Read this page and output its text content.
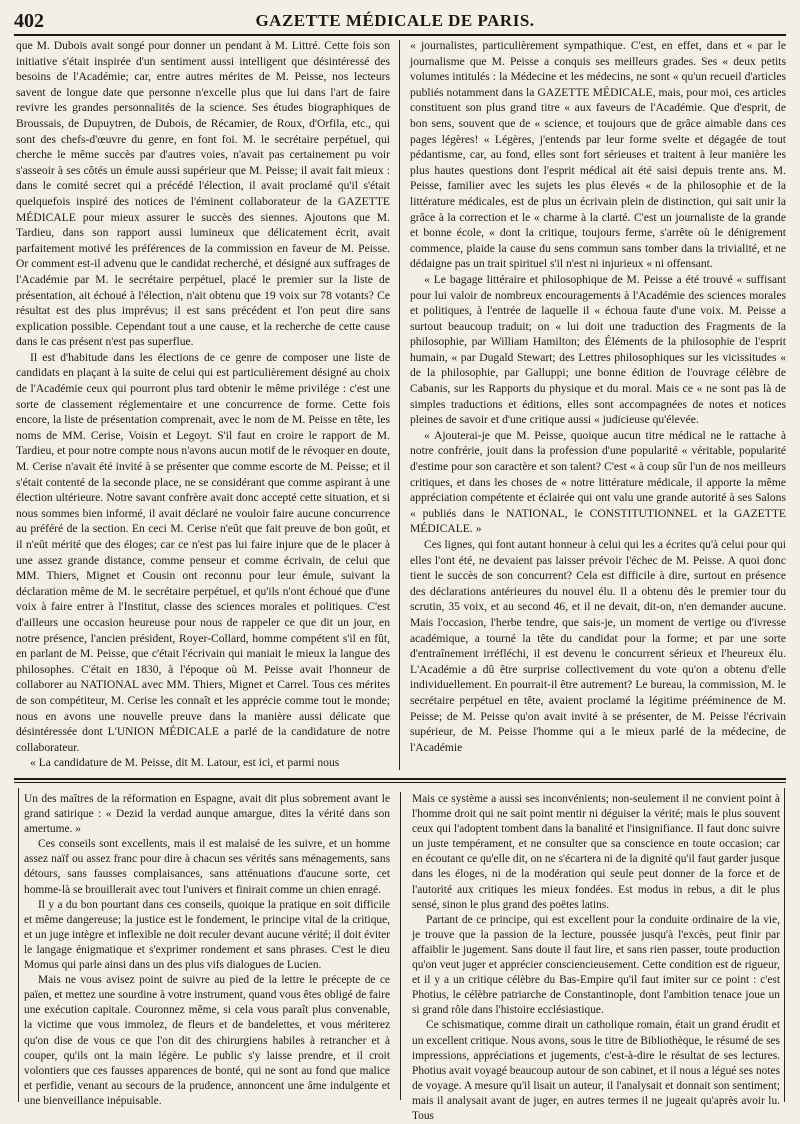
402	GAZETTE MÉDICALE DE PARIS.

que M. Dubois avait songé pour donner un pendant à M. Littré. Cette fois son initiative s'était inspirée d'un sentiment aussi intelligent que désintéressé des besoins de l'Académie; car, entre autres mérites de M. Peisse, nos lecteurs savent de longue date que personne n'excelle plus que lui dans l'art de faire revivre les grandes personnalités de la science. Ses études biographiques de Broussais, de Dupuytren, de Dubois, de Récamier, de Roux, d'Orfila, etc., qui sont des chefs-d'œuvre du genre, en font foi. M. le secrétaire perpétuel, qui cherche le même succès par d'autres voies, n'avait pas certainement pu voir s'asseoir à ses côtés un émule aussi supérieur que M. Peisse; il avait fait mieux : dans le comité secret qui a précédé l'élection, il avait proclamé qu'il s'était quelquefois inspiré des notices de l'éminent collaborateur de la GAZETTE MÉDICALE pour mieux assurer le succès des siennes. Ajoutons que M. Tardieu, dans son rapport aussi lumineux que délicatement écrit, avait parfaitement motivé les préférences de la commission en faveur de M. Peisse. Or comment est-il advenu que le candidat recherché, et désigné aux suffrages de l'Académie par M. le secrétaire perpétuel, placé le premier sur la liste de présentation, ait échoué à l'élection, n'ait obtenu que 19 voix sur 78 votants? Ce résultat est des plus imprévus; il est sans précédent et l'on peut dire sans explication possible. Cependant tout a une cause, et la recherche de cette cause dans le cas présent n'est pas superflue.

Il est d'habitude dans les élections de ce genre de composer une liste de candidats en plaçant à la suite de celui qui est particulièrement désigné au choix de l'Académie ceux qui pourront plus tard obtenir le même privilége : c'est une sorte de classement réglementaire et une concurrence de forme. Cette fois encore, la liste de présentation comprenait, avec le nom de M. Peisse en tête, les noms de MM. Cerise, Voisin et Legoyt. S'il faut en croire le rapport de M. Tardieu, et pour notre compte nous n'avons aucun motif de le révoquer en doute, M. Cerise n'avait été invité à se présenter que comme escorte de M. Peisse; et il s'était contenté de la seconde place, ne se considérant que comme aspirant à une élection ultérieure. Notre savant confrère avait donc accepté cette situation, et si nous sommes bien informé, il avait déclaré ne vouloir faire aucune concurrence au préféré de la section. En ceci M. Cerise n'eût que fait preuve de bon goût, et il n'eût mérité que des éloges; car ce n'est pas lui faire injure que de le placer à une assez grande distance, comme penseur et comme écrivain, de celui que MM. Thiers, Mignet et Cousin ont reconnu pour leur émule, suivant la déclaration même de M. le secrétaire perpétuel, et qu'ils n'ont échoué que d'une voix à faire entrer à l'Institut, classe des sciences morales et politiques. C'est d'ailleurs une occasion heureuse pour nous de rappeler ce que dit un jour, en notre présence, l'ancien président, Royer-Collard, homme compétent s'il en fût, en parlant de M. Peisse, que c'était l'écrivain qui maniait le mieux la langue des philosophes. C'était en 1830, à l'époque où M. Peisse avait l'honneur de collaborer au NATIONAL avec MM. Thiers, Mignet et Carrel. Tous ces mérites de son compétiteur, M. Cerise les connaît et les apprécie comme tout le monde; nous en avons une nouvelle preuve dans la manière aussi délicate que désintéressée dont L'UNION MÉDICALE a parlé de la candidature de notre collaborateur.

« La candidature de M. Peisse, dit M. Latour, est ici, et parmi nous

« journalistes, particulièrement sympathique. C'est, en effet, dans et « par le journalisme que M. Peisse a conquis ses meilleurs grades. Ses « deux petits volumes intitulés : la Médecine et les médecins, ne sont « qu'un recueil d'articles publiés notamment dans la GAZETTE MÉDICALE, mais, pour moi, ces articles constituent son plus grand titre « aux faveurs de l'Académie. Que d'esprit, de bon sens, souvent que de « science, et toujours que de grâce aimable dans ces pages légères! « Légères, j'entends par leur forme svelte et dégagée de tout pédantisme, car, au fond, elles sont fort sérieuses et traitent à leur manière les plus hautes questions dont l'esprit médical ait été saisi depuis trente ans. M. Peisse, familier avec les sujets les plus élevés « de la philosophie et de la littérature médicales, est de plus un écrivain plein de distinction, qui sait unir la grâce à la correction et le « charme à la clarté. C'est un journaliste de la grande et bonne école, « dont la critique, toujours ferme, s'arrête où le dénigrement commence, plaide la cause du sens commun sans tomber dans la trivialité, et ne dédaigne pas un trait spirituel s'il n'est ni injurieux « ni offensant.

« Le bagage littéraire et philosophique de M. Peisse a été trouvé « suffisant pour lui valoir de nombreux encouragements à l'Académie des sciences morales et politiques, à l'entrée de laquelle il « échoua faute d'une voix. M. Peisse a surtout beaucoup traduit; on « lui doit une traduction des Fragments de la philosophie, par William Hamilton; des Éléments de la philosophie de l'esprit humain, « par Dugald Stewart; des Lettres philosophiques sur les vicissitudes « de la philosophie, par Galluppi; une bonne édition de l'ouvrage célèbre de Cabanis, sur les Rapports du physique et du moral. Mais ce « ne sont pas là de simples traductions et éditions, elles sont accompagnées de notes et notices pleines de savoir et d'une critique aussi « judicieuse qu'élevée.

« Ajouterai-je que M. Peisse, quoique aucun titre médical ne le rattache à notre confrérie, jouit dans la profession d'une popularité « véritable, popularité d'estime pour son caractère et son talent? C'est « à coup sûr l'un de nos meilleurs critiques, et dans les choses de « notre littérature médicale, il apporte la même appréciation compétente et éclairée qui ont valu une grande autorité à ses Salons « publiés dans le NATIONAL, le CONSTITUTIONNEL et la GAZETTE MÉDICALE. »

Ces lignes, qui font autant honneur à celui qui les a écrites qu'à celui pour qui elles l'ont été, ne devaient pas laisser prévoir l'échec de M. Peisse. A quoi donc tient le succès de son concurrent? Cela est difficile à dire, surtout en présence des déclarations antérieures du nouvel élu. Il a obtenu dès le premier tour du scrutin, 35 voix, et au second 46, et il ne devait, dit-on, n'en demander aucune. Mais l'occasion, l'herbe tendre, que sais-je, un moment de vertige ou d'ivresse académique, a tourné la tête du candidat pour la forme; et par une sorte d'entraînement irréfléchi, il est devenu le concurrent sérieux et l'heureux élu. L'Académie a dû être surprise collectivement du vote qu'on a obtenu d'elle individuellement. En pourrait-il être autrement? Le bureau, la commission, M. le secrétaire perpétuel en tête, avaient proclamé la légitime prééminence de M. Peisse; de M. Peisse qu'on avait invité à se présenter, de M. Peisse l'écrivain supérieur, de M. Peisse l'homme qui a le mieux parlé de la médecine, de l'Académie

Un des maîtres de la réformation en Espagne, avait dit plus sobrement avant le grand satirique : « Dezid la verdad aunque amargue, dites la vérité dans son amertume. »

Ces conseils sont excellents, mais il est malaisé de les suivre, et un homme assez naïf ou assez franc pour dire à chacun ses vérités sans ménagements, sans détours, sans fausses complaisances, sans atténuations d'aucune sorte, cet homme-là se brouillerait avec tout l'univers et finirait comme un chien enragé.

Il y a du bon pourtant dans ces conseils, quoique la pratique en soit difficile et même dangereuse; la justice est le fondement, le principe vital de la critique, et un juge intègre et inflexible ne doit reculer devant aucune vérité; il doit éviter le langage énigmatique et s'exprimer rondement et sans phrases. C'est le dieu Momus qui parle ainsi dans un des plus vifs dialogues de Lucien.

Mais ne vous avisez point de suivre au pied de la lettre le précepte de ce païen, et mettez une sourdine à votre instrument, quand vous êtes obligé de faire une exécution capitale. Couronnez même, si cela vous paraît plus convenable, la victime que vous immolez, de fleurs et de bandelettes, et vous mériterez qu'on dise de vous ce que l'on dit des chirurgiens habiles à retrancher et à couper, qu'ils ont la main légère. Le public s'y laisse prendre, et il croit volontiers que ces fausses apparences de bonté, qui ne sont au fond que malice et perfidie, venant au secours de la prudence, annoncent une âme indulgente et une bienveillance inépuisable.

Mais ce système a aussi ses inconvénients; non-seulement il ne convient point à l'homme droit qui ne sait point mentir ni déguiser la vérité; mais le plus souvent ceux qui l'adoptent tombent dans la banalité et l'insignifiance. Il faut donc suivre un juste tempérament, et ne consulter que sa conscience en toute occasion; car en écoutant ce qu'elle dit, on ne s'écartera ni de la dignité qu'il faut garder jusque dans les éloges, ni de la modération qui seule peut donner de la force et de l'autorité aux critiques les mieux fondées. Est modus in rebus, a dit le plus sensé, sinon le plus grand des poëtes latins.

Partant de ce principe, qui est excellent pour la conduite ordinaire de la vie, je trouve que la passion de la lecture, poussée jusqu'à l'excès, peut finir par affaiblir le jugement. Sans doute il faut lire, et sans rien passer, toute production qu'on veut juger et apprécier consciencieusement. Cette condition est de rigueur, et il y a un critique célèbre du Bas-Empire qu'il faut imiter sur ce point : c'est Photius, le célèbre patriarche de Constantinople, dont l'ambition tenace joue un si grand rôle dans l'histoire ecclésiastique.

Ce schismatique, comme dirait un catholique romain, était un grand érudit et un excellent critique. Nous avons, sous le titre de Bibliothèque, le résumé de ses impressions, appréciations et jugements, c'est-à-dire le résultat de ses lectures. Photius avait voyagé beaucoup autour de son cabinet, et il nous a légué ses notes de voyage. A mesure qu'il lisait un auteur, il l'analysait et donnait son sentiment; mais il analysait avant de juger, en autres termes il ne jugeait qu'après avoir lu. Tous
